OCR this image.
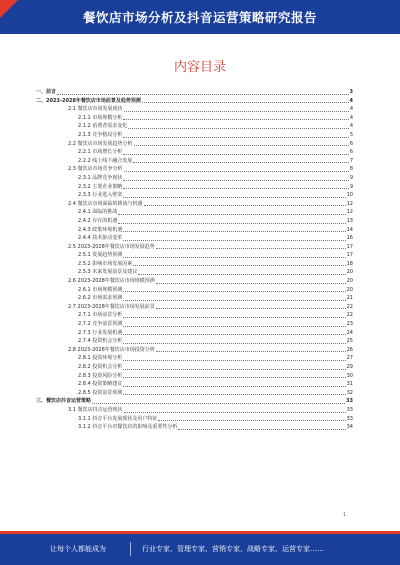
餐饮店市场分析及抖音运营策略研究报告
内容目录
一、前言	3
二、2023-2028年餐饮店市场前景及趋势预测	4
2.1 餐饮店市场发展现状	4
2.1.1 市场规模分析	4
2.1.2 消费者需求变化	4
2.1.3 竞争格局分析	5
2.2 餐饮店市场发展趋势分析	6
2.2.1 市场增长分析	6
2.2.2 线上线下融合发展	7
2.3 餐饮店市场竞争分析	8
2.3.1 品牌竞争现状	9
2.3.2 主要企业策略	9
2.3.3 行业进入壁垒	10
2.4 餐饮店市场面临的挑战与机遇	12
2.4.1 面临的挑战	12
2.4.2 存在的机遇	13
2.4.3 政策环境机遇	14
2.4.4 技术驱动变革	16
2.5 2023-2028年餐饮店市场发展趋势	17
2.5.1 发展趋势预测	17
2.5.2 影响市场发展因素	18
2.5.3 未来发展前景及建议	20
2.6 2023-2028年餐饮店市场规模预测	20
2.6.1 市场规模预测	20
2.6.2 市场需求预测	21
2.7 2023-2028年餐饮店市场发展前景	22
2.7.1 市场前景分析	22
2.7.2 竞争前景预测	23
2.7.3 行业发展机遇	24
2.7.4 投资机会分析	25
2.8 2023-2028年餐饮店市场投资分析	26
2.8.1 投资环境分析	27
2.8.2 投资机会分析	29
2.8.3 投资风险分析	30
2.8.4 投资策略建议	31
2.8.5 投资前景预测	32
三、餐饮店抖音运营策略	33
3.1 餐饮店抖音运营现状	33
3.1.1 抖音平台发展现状及用户特征	33
3.1.2 抖音平台对餐饮店的影响及重要性分析	34
1
让每个人都能成为	行业专家、管理专家、营销专家、战略专家、运营专家……
